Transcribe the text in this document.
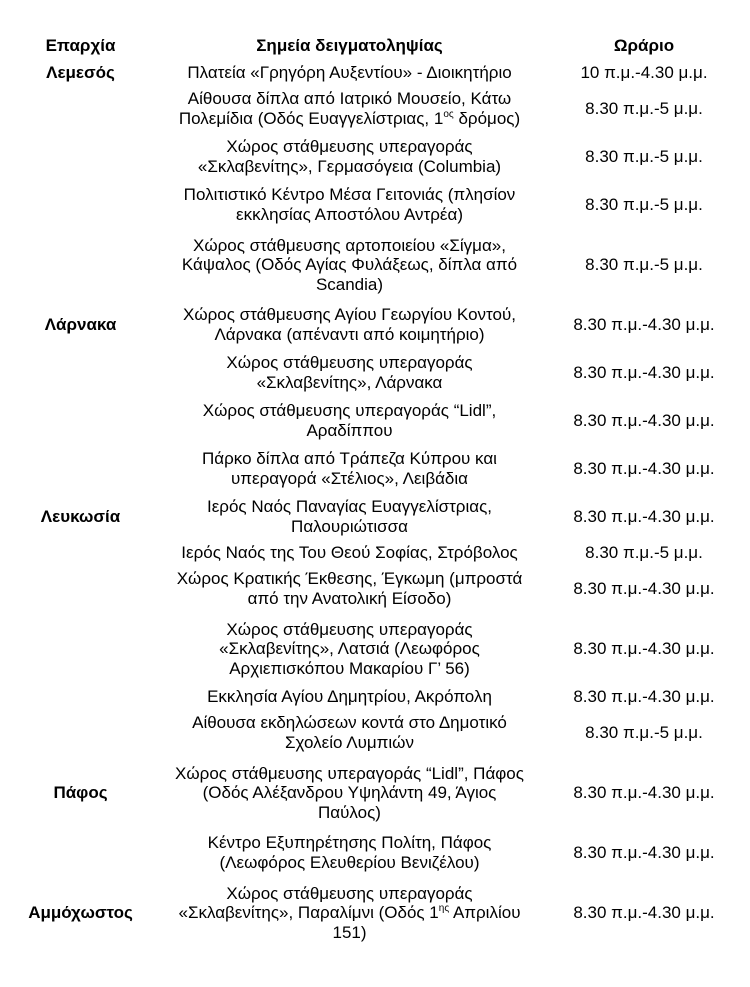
Επαρχία	Σημεία δειγματοληψίας	Ωράριο
Λεμεσός	Πλατεία «Γρηγόρη Αυξεντίου» - Διοικητήριο	10 π.μ.-4.30 μ.μ.
	Αίθουσα δίπλα από Ιατρικό Μουσείο, Κάτω
Πολεμίδια (Οδός Ευαγγελίστριας, $1^{o\varsigma}$ δρόμος)	8.30 π.μ.-5 μ.μ.
	Χώρος στάθμευσης υπεραγοράς
«Σκλαβενίτης», Γερμασόγεια (Columbia)	8.30 π.μ.-5 μ.μ.
	Πολιτιστικό Κέντρο Μέσα Γειτονιάς (πλησίον
εκκλησίας Αποστόλου Αντρέα)	8.30 π.μ.-5 μ.μ.
	Χώρος στάθμευσης αρτοποιείου «Σίγμα»,
Κάψαλος (Οδός Αγίας Φυλάξεως, δίπλα από
Scandia)	8.30 π.μ.-5 μ.μ.
Λάρνακα	Χώρος στάθμευσης Αγίου Γεωργίου Κοντού,
Λάρνακα (απέναντι από κοιμητήριο)	8.30 π.μ.-4.30 μ.μ.
	Χώρος στάθμευσης υπεραγοράς
«Σκλαβενίτης», Λάρνακα	8.30 π.μ.-4.30 μ.μ.
	Χώρος στάθμευσης υπεραγοράς “Lidl”,
Αραδίππου	8.30 π.μ.-4.30 μ.μ.
	Πάρκο δίπλα από Τράπεζα Κύπρου και
υπεραγορά «Στέλιος», Λειβάδια	8.30 π.μ.-4.30 μ.μ.
Λευκωσία	Ιερός Ναός Παναγίας Ευαγγελίστριας,
Παλουριώτισσα	8.30 π.μ.-4.30 μ.μ.
	Ιερός Ναός της Του Θεού Σοφίας, Στρόβολος	8.30 π.μ.-5 μ.μ.
	Χώρος Κρατικής Έκθεσης, Έγκωμη (μπροστά
από την Ανατολική Είσοδο)	8.30 π.μ.-4.30 μ.μ.
	Χώρος στάθμευσης υπεραγοράς
«Σκλαβενίτης», Λατσιά (Λεωφόρος
Αρχιεπισκόπου Μακαρίου Γ’ 56)	8.30 π.μ.-4.30 μ.μ.
	Εκκλησία Αγίου Δημητρίου, Ακρόπολη	8.30 π.μ.-4.30 μ.μ.
	Αίθουσα εκδηλώσεων κοντά στο Δημοτικό
Σχολείο Λυμπιών	8.30 π.μ.-5 μ.μ.
Πάφος	Χώρος στάθμευσης υπεραγοράς “Lidl”, Πάφος
(Οδός Αλέξανδρου Υψηλάντη 49, Άγιος
Παύλος)	8.30 π.μ.-4.30 μ.μ.
	Κέντρο Εξυπηρέτησης Πολίτη, Πάφος
(Λεωφόρος Ελευθερίου Βενιζέλου)	8.30 π.μ.-4.30 μ.μ.
Αμμόχωστος	Χώρος στάθμευσης υπεραγοράς
«Σκλαβενίτης», Παραλίμνι (Οδός $1^{\eta\varsigma}$ Απριλίου
151)	8.30 π.μ.-4.30 μ.μ.
